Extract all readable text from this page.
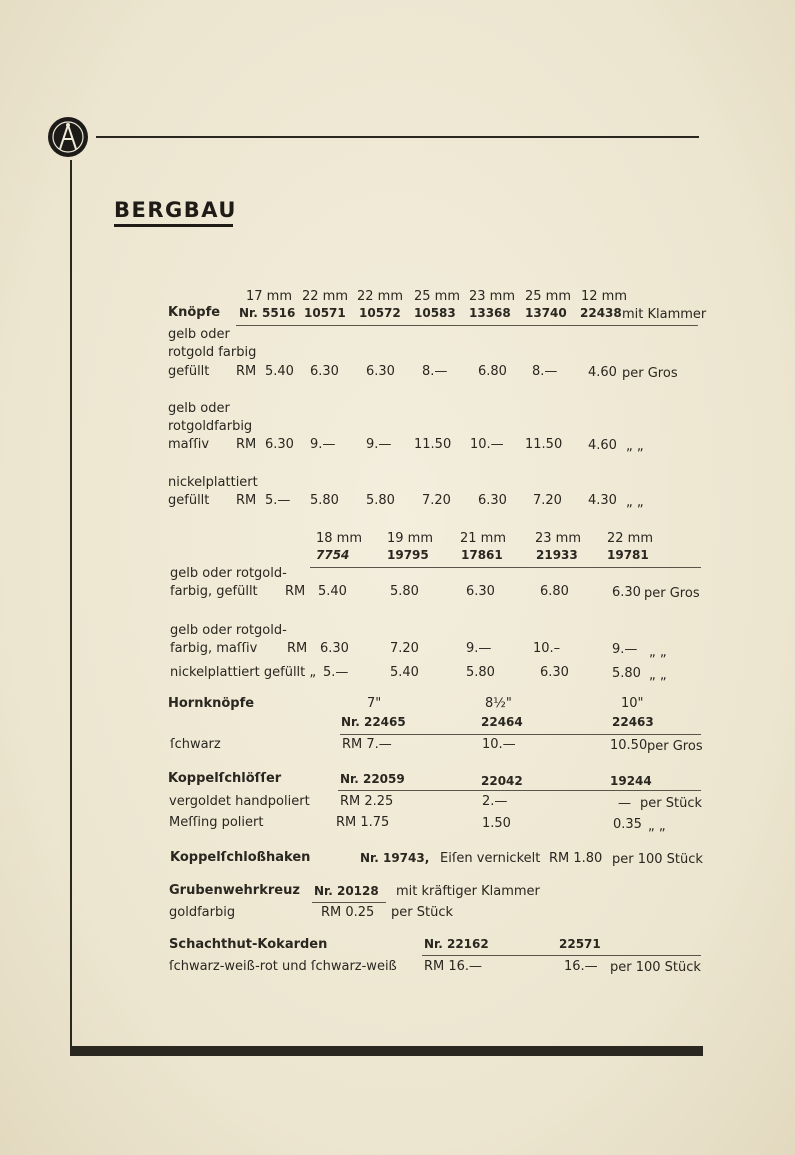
BERGBAU
17 mm 22 mm 22 mm 25 mm 23 mm 25 mm 12 mm
Knöpfe Nr. 5516 10571 10572 10583 13368 13740 22438 mit Klammer
gelb oder
rotgold farbig
gefüllt RM 5.40 6.30 6.30 8.— 6.80 8.— 4.60 per Gros
gelb oder
rotgoldfarbig
maſſiv RM 6.30 9.— 9.— 11.50 10.— 11.50 4.60 „ „
nickelplattiert
gefüllt RM 5.— 5.80 5.80 7.20 6.30 7.20 4.30 „ „
18 mm 19 mm 21 mm 23 mm 22 mm
7754	19795	17861	21933 19781
gelb oder rotgold-
farbig, gefüllt RM 5.40	5.80	6.30	6.80	6.30 per Gros
gelb oder rotgold-
farbig, maſſiv RM 6.30	7.20	9.—	10.–	9.— „ „
nickelplattiert gefüllt „ 5.—	5.40	5.80	6.30	5.80 „ „
Hornknöpfe	7"	8½"	10"
Nr. 22465	22464	22463
ſchwarz	RM 7.—	10.—	10.50 per Gros
Koppelſchlöſſer	Nr. 22059	22042	19244
vergoldet handpoliert RM 2.25	2.—	— per Stück
Meſſing poliert	RM 1.75	1.50	0.35 „ „
Koppelſchloßhaken	Nr. 19743, Eiſen vernickelt RM 1.80 per 100 Stück
Grubenwehrkreuz Nr. 20128 mit kräftiger Klammer
goldfarbig	RM 0.25 per Stück
Schachthut-Kokarden	Nr. 22162	22571
ſchwarz-weiß-rot und ſchwarz-weiß RM 16.—	16.— per 100 Stück
